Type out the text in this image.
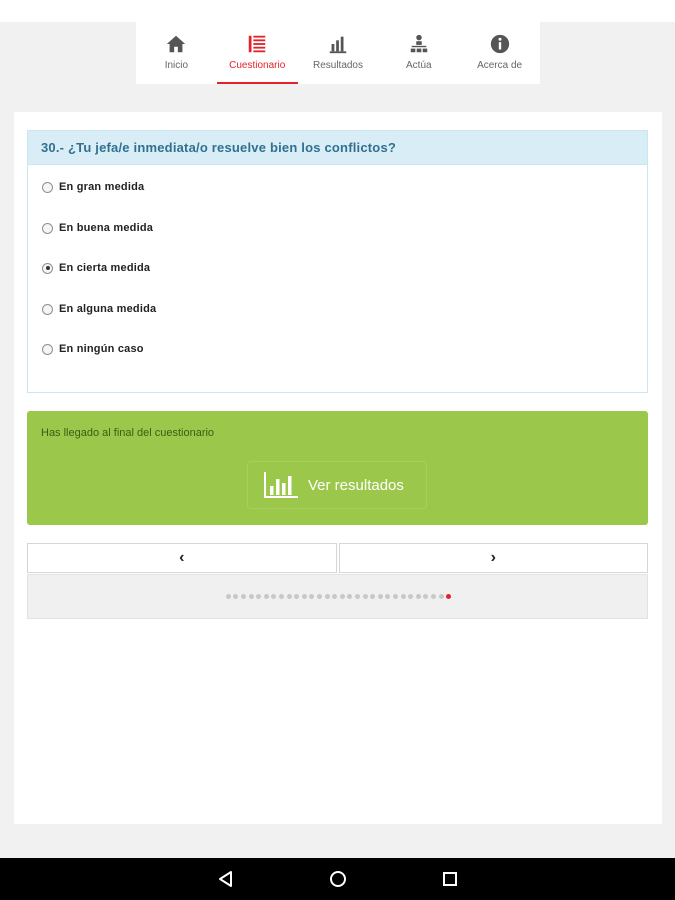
Inicio	Cuestionario	Resultados	Actúa	Acerca de
30.- ¿Tu jefa/e inmediata/o resuelve bien los conflictos?
En gran medida
En buena medida
En cierta medida
En alguna medida
En ningún caso
Has llegado al final del cuestionario
Ver resultados
‹	›
